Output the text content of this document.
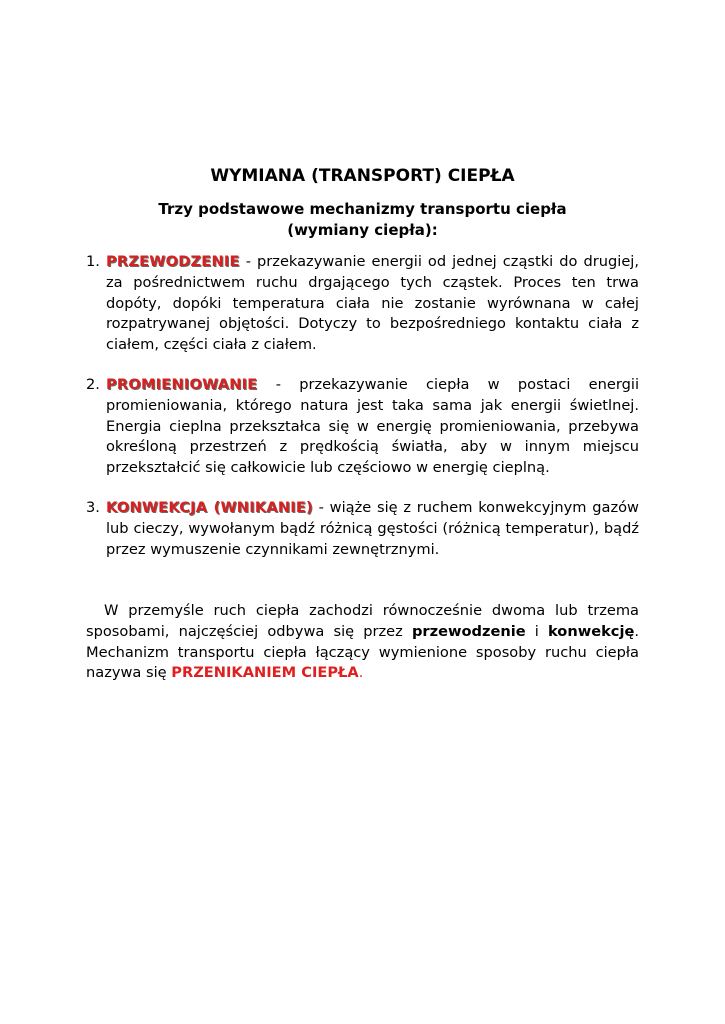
WYMIANA (TRANSPORT) CIEPŁA
Trzy podstawowe mechanizmy transportu ciepła
(wymiany ciepła):
1. PRZEWODZENIE - przekazywanie energii od jednej cząstki do drugiej, za pośrednictwem ruchu drgającego tych cząstek. Proces ten trwa dopóty, dopóki temperatura ciała nie zostanie wyrównana w całej rozpatrywanej objętości. Dotyczy to bezpośredniego kontaktu ciała z ciałem, części ciała z ciałem.
2. PROMIENIOWANIE - przekazywanie ciepła w postaci energii promieniowania, którego natura jest taka sama jak energii świetlnej. Energia cieplna przekształca się w energię promieniowania, przebywa określoną przestrzeń z prędkością światła, aby w innym miejscu przekształcić się całkowicie lub częściowo w energię cieplną.
3. KONWEKCJA (WNIKANIE) - wiąże się z ruchem konwekcyjnym gazów lub cieczy, wywołanym bądź różnicą gęstości (różnicą temperatur), bądź przez wymuszenie czynnikami zewnętrznymi.
W przemyśle ruch ciepła zachodzi równocześnie dwoma lub trzema sposobami, najczęściej odbywa się przez przewodzenie i konwekcję. Mechanizm transportu ciepła łączący wymienione sposoby ruchu ciepła nazywa się PRZENIKANIEM CIEPŁA.
